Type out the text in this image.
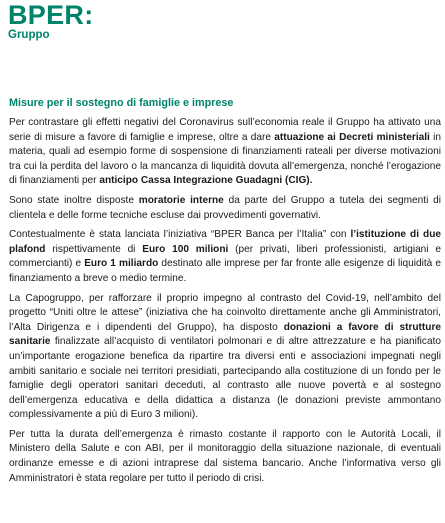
BPER:
Gruppo
Misure per il sostegno di famiglie e imprese

Per contrastare gli effetti negativi del Coronavirus sull’economia reale il Gruppo ha attivato una serie di misure a favore di famiglie e imprese, oltre a dare attuazione ai Decreti ministeriali in materia, quali ad esempio forme di sospensione di finanziamenti rateali per diverse motivazioni tra cui la perdita del lavoro o la mancanza di liquidità dovuta all’emergenza, nonché l’erogazione di finanziamenti per anticipo Cassa Integrazione Guadagni (CIG).

Sono state inoltre disposte moratorie interne da parte del Gruppo a tutela dei segmenti di clientela e delle forme tecniche escluse dai provvedimenti governativi.

Contestualmente è stata lanciata l’iniziativa “BPER Banca per l’Italia” con l’istituzione di due plafond rispettivamente di Euro 100 milioni (per privati, liberi professionisti, artigiani e commercianti) e Euro 1 miliardo destinato alle imprese per far fronte alle esigenze di liquidità e finanziamento a breve o medio termine.

La Capogruppo, per rafforzare il proprio impegno al contrasto del Covid-19, nell’ambito del progetto “Uniti oltre le attese” (iniziativa che ha coinvolto direttamente anche gli Amministratori, l’Alta Dirigenza e i dipendenti del Gruppo), ha disposto donazioni a favore di strutture sanitarie finalizzate all’acquisto di ventilatori polmonari e di altre attrezzature e ha pianificato un’importante erogazione benefica da ripartire tra diversi enti e associazioni impegnati negli ambiti sanitario e sociale nei territori presidiati, partecipando alla costituzione di un fondo per le famiglie degli operatori sanitari deceduti, al contrasto alle nuove povertà e al sostegno dell’emergenza educativa e della didattica a distanza (le donazioni previste ammontano complessivamente a più di Euro 3 milioni).

Per tutta la durata dell’emergenza è rimasto costante il rapporto con le Autorità Locali, il Ministero della Salute e con ABI, per il monitoraggio della situazione nazionale, di eventuali ordinanze emesse e di azioni intraprese dal sistema bancario. Anche l’informativa verso gli Amministratori è stata regolare per tutto il periodo di crisi.
